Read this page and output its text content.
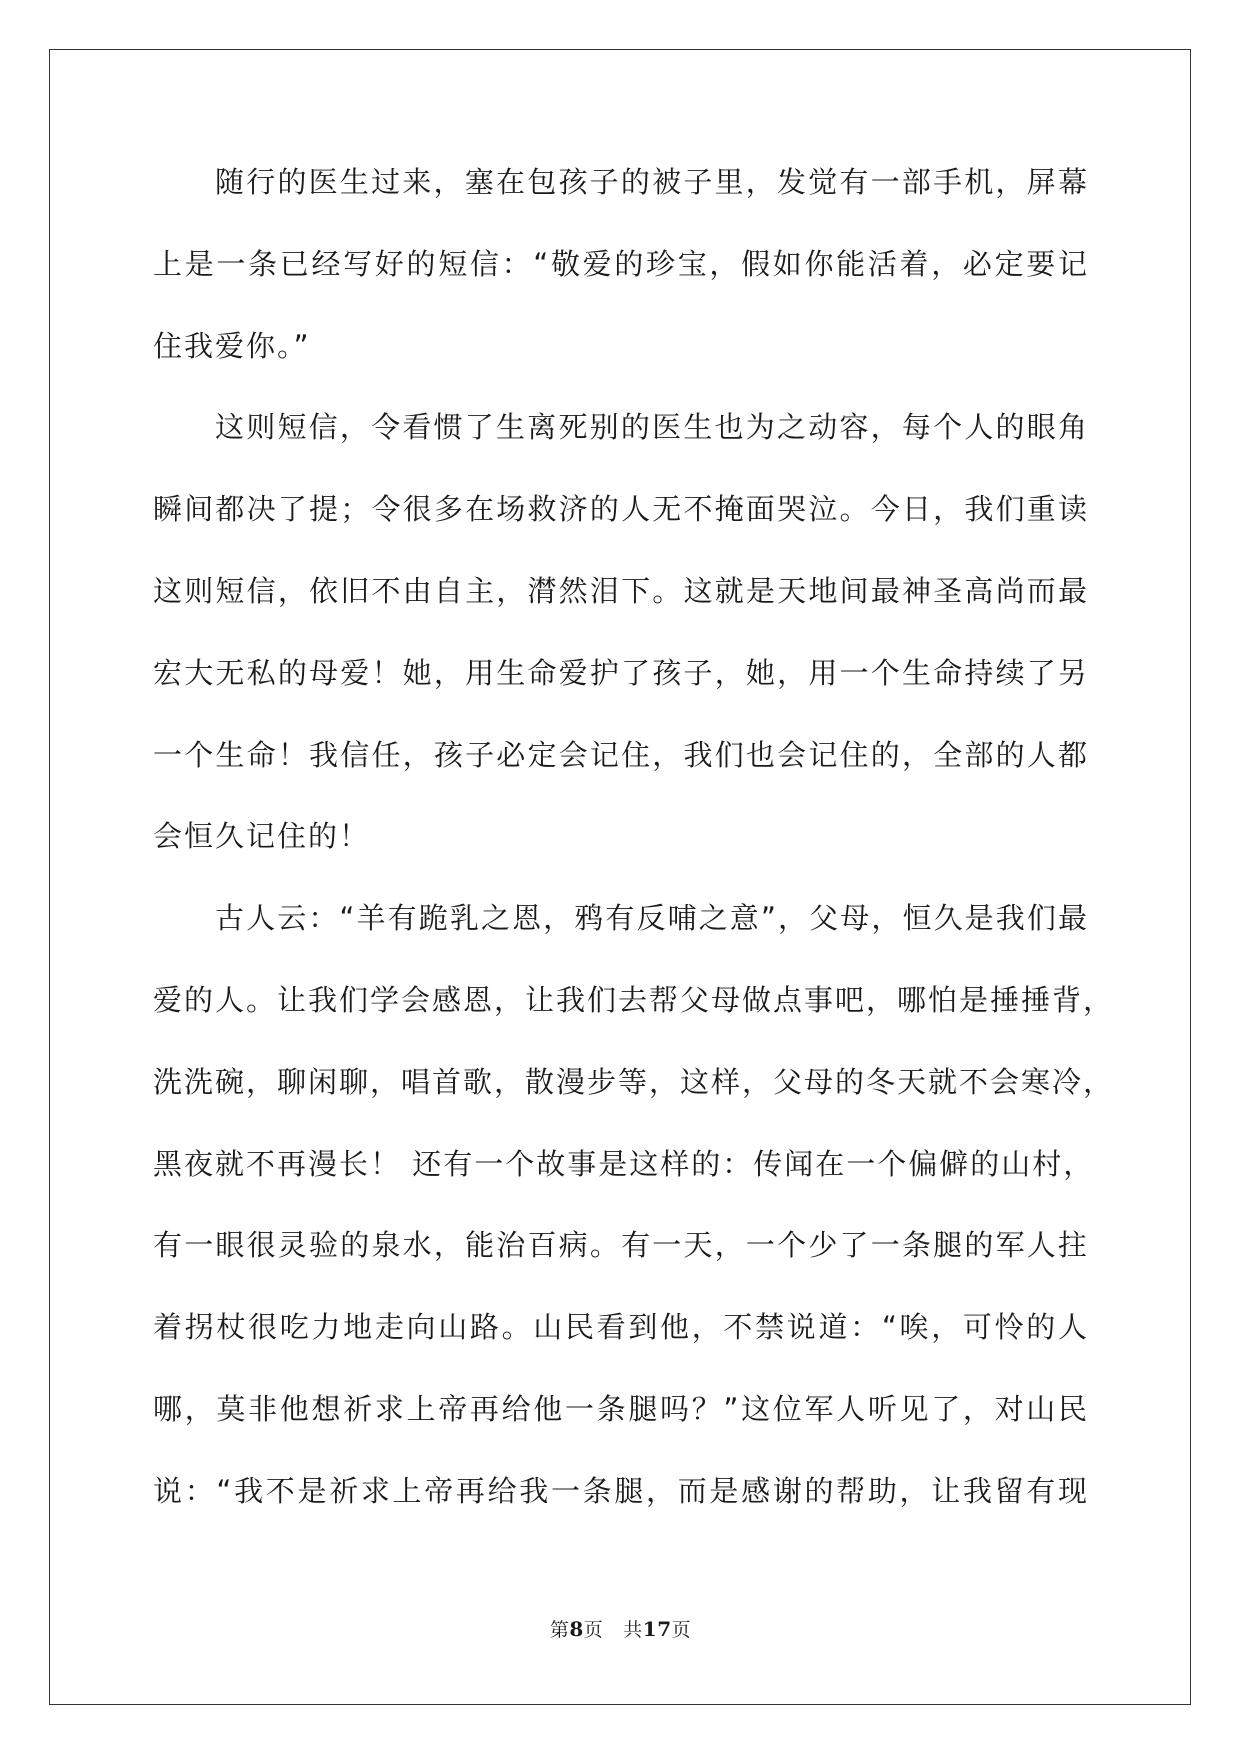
随行的医生过来，塞在包孩子的被子里，发觉有一部手机，屏幕
上是一条已经写好的短信：“敬爱的珍宝，假如你能活着，必定要记
住我爱你。”
这则短信，令看惯了生离死别的医生也为之动容，每个人的眼角
瞬间都决了提；令很多在场救济的人无不掩面哭泣。今日，我们重读
这则短信，依旧不由自主，潸然泪下。这就是天地间最神圣高尚而最
宏大无私的母爱！她，用生命爱护了孩子，她，用一个生命持续了另
一个生命！我信任，孩子必定会记住，我们也会记住的，全部的人都
会恒久记住的！
古人云：“羊有跪乳之恩，鸦有反哺之意”，父母，恒久是我们最
爱的人。让我们学会感恩，让我们去帮父母做点事吧，哪怕是捶捶背，
洗洗碗，聊闲聊，唱首歌，散漫步等，这样，父母的冬天就不会寒冷，
黑夜就不再漫长！ 还有一个故事是这样的：传闻在一个偏僻的山村，
有一眼很灵验的泉水，能治百病。有一天，一个少了一条腿的军人拄
着拐杖很吃力地走向山路。山民看到他，不禁说道：“唉，可怜的人
哪，莫非他想祈求上帝再给他一条腿吗？”这位军人听见了，对山民
说：“我不是祈求上帝再给我一条腿，而是感谢的帮助，让我留有现
第8页 共17页
